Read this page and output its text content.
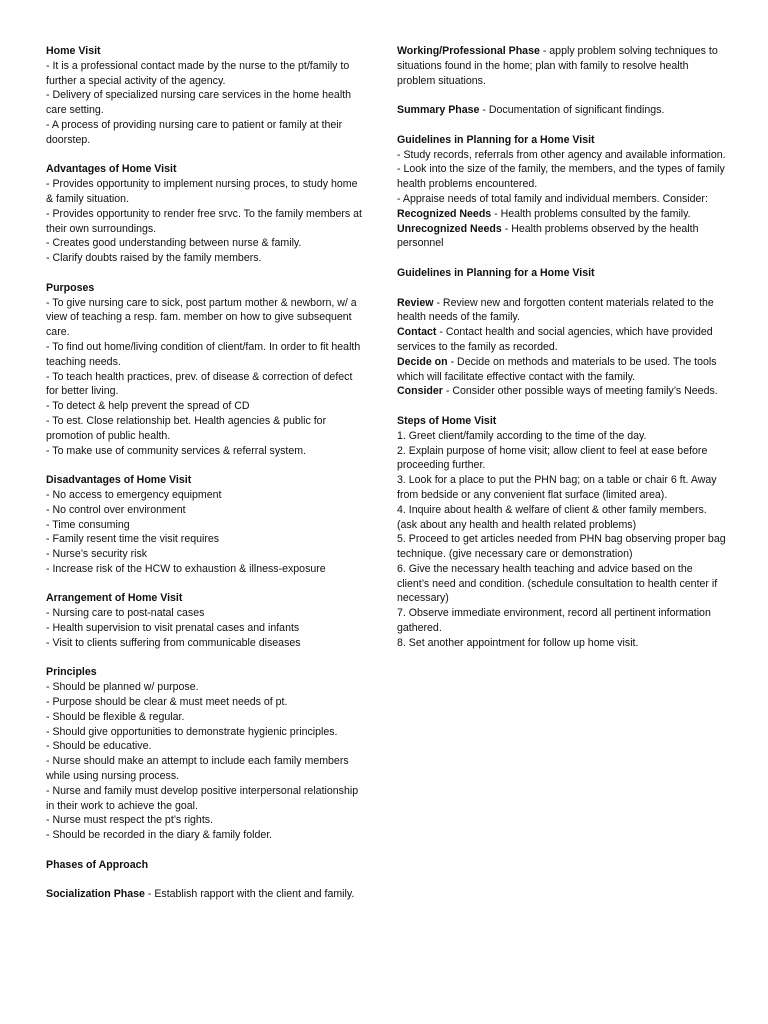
Home Visit

- It is a professional contact made by the nurse to the pt/family to further a special activity of the agency.

- Delivery of specialized nursing care services in the home health care setting.

- A process of providing nursing care to patient or family at their doorstep.

Advantages of Home Visit

- Provides opportunity to implement nursing proces, to study home & family situation.

- Provides opportunity to render free srvc. To the family members at their own surroundings.

- Creates good understanding between nurse & family.

- Clarify doubts raised by the family members.

Purposes

- To give nursing care to sick, post partum mother & newborn, w/ a view of teaching a resp. fam. member on how to give subsequent care.

- To find out home/living condition of client/fam. In order to fit health teaching needs.

- To teach health practices, prev. of disease & correction of defect for better living.

- To detect & help prevent the spread of CD

- To est. Close relationship bet. Health agencies & public for promotion of public health.

- To make use of community services & referral system.

Disadvantages of Home Visit

- No access to emergency equipment

- No control over environment

- Time consuming

- Family resent time the visit requires

- Nurse’s security risk

- Increase risk of the HCW to exhaustion & illness-exposure

Arrangement of Home Visit

- Nursing care to post-natal cases

- Health supervision to visit prenatal cases and infants

- Visit to clients suffering from communicable diseases

Principles

- Should be planned w/ purpose.

- Purpose should be clear & must meet needs of pt.

- Should be flexible & regular.

- Should give opportunities to demonstrate hygienic principles.

- Should be educative.

- Nurse should make an attempt to include each family members while using nursing process.

- Nurse and family must develop positive interpersonal relationship in their work to achieve the goal.

- Nurse must respect the pt’s rights.

- Should be recorded in the diary & family folder.

Phases of Approach

Socialization Phase - Establish rapport with the client and family.

Working/Professional Phase - apply problem solving techniques to situations found in the home; plan with family to resolve health problem situations.

Summary Phase - Documentation of significant findings.

Guidelines in Planning for a Home Visit

- Study records, referrals from other agency and available information.

- Look into the size of the family, the members, and the types of family health problems encountered.

- Appraise needs of total family and individual members. Consider:

Recognized Needs - Health problems consulted by the family.

Unrecognized Needs - Health problems observed by the health personnel

Guidelines in Planning for a Home Visit

Review - Review new and forgotten content materials related to the health needs of the family.

Contact - Contact health and social agencies, which have provided services to the family as recorded.

Decide on - Decide on methods and materials to be used. The tools which will facilitate effective contact with the family.

Consider - Consider other possible ways of meeting family’s Needs.

Steps of Home Visit

1. Greet client/family according to the time of the day.

2. Explain purpose of home visit; allow client to feel at ease before proceeding further.

3. Look for a place to put the PHN bag; on a table or chair 6 ft. Away from bedside or any convenient flat surface (limited area).

4. Inquire about health & welfare of client & other family members. (ask about any health and health related problems)

5. Proceed to get articles needed from PHN bag observing proper bag technique. (give necessary care or demonstration)

6. Give the necessary health teaching and advice based on the client’s need and condition. (schedule consultation to health center if necessary)

7. Observe immediate environment, record all pertinent information gathered.

8. Set another appointment for follow up home visit.
